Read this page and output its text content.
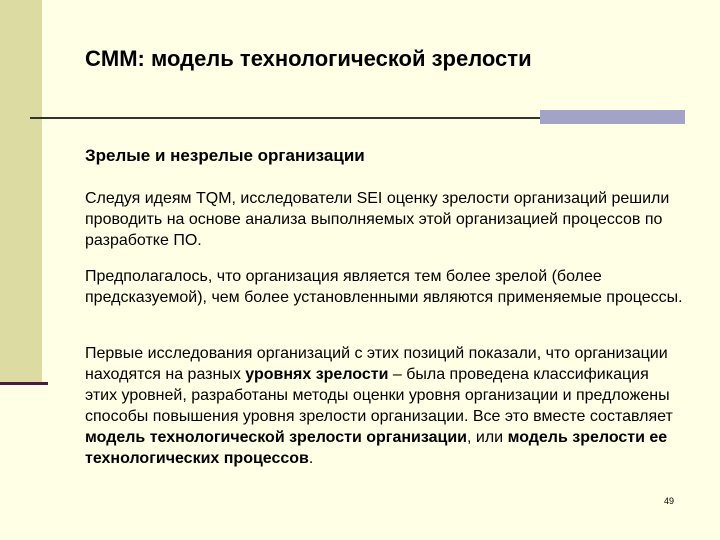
CMM: модель технологической зрелости
Зрелые и незрелые организации
Следуя идеям TQM, исследователи SEI оценку зрелости организаций решили проводить на основе анализа выполняемых этой организацией процессов по разработке ПО.
Предполагалось, что организация является тем более зрелой (более предсказуемой), чем более установленными являются применяемые процессы.
Первые исследования организаций с этих позиций показали, что организации находятся на разных уровнях зрелости – была проведена классификация этих уровней, разработаны методы оценки уровня организации и предложены способы повышения уровня зрелости организации. Все это вместе составляет модель технологической зрелости организации, или модель зрелости ее технологических процессов.
49
